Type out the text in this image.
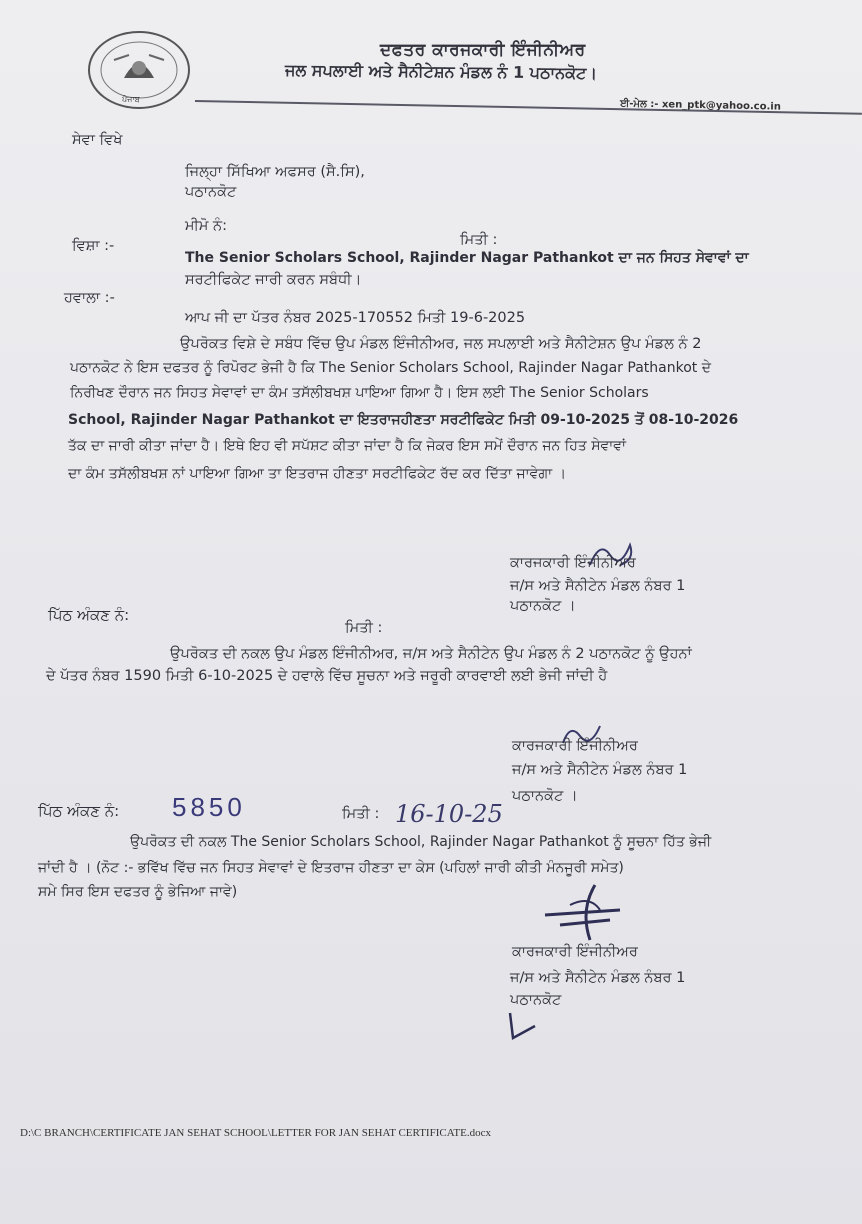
ਪੰਜਾਬ
ਦਫਤਰ ਕਾਰਜਕਾਰੀ ਇੰਜੀਨੀਅਰ
ਜਲ ਸਪਲਾਈ ਅਤੇ ਸੈਨੀਟੇਸ਼ਨ ਮੰਡਲ ਨੰ 1 ਪਠਾਨਕੋਟ।
ਈ-ਮੇਲ :- xen_ptk@yahoo.co.in
ਸੇਵਾ ਵਿਖੇ
ਜਿਲ੍ਹਾ ਸਿੱਖਿਆ ਅਫਸਰ (ਸੈ.ਸਿ),
ਪਠਾਨਕੋਟ
ਮੀਮੋ ਨੰ:
ਮਿਤੀ :
ਵਿਸ਼ਾ :-
The Senior Scholars School, Rajinder Nagar Pathankot ਦਾ ਜਨ ਸਿਹਤ ਸੇਵਾਵਾਂ ਦਾ
ਸਰਟੀਫਿਕੇਟ ਜਾਰੀ ਕਰਨ ਸਬੰਧੀ।
ਹਵਾਲਾ :-
ਆਪ ਜੀ ਦਾ ਪੱਤਰ ਨੰਬਰ 2025-170552 ਮਿਤੀ 19-6-2025
ਉਪਰੋਕਤ ਵਿਸ਼ੇ ਦੇ ਸਬੰਧ ਵਿੱਚ ਉਪ ਮੰਡਲ ਇੰਜੀਨੀਅਰ, ਜਲ ਸਪਲਾਈ ਅਤੇ ਸੈਨੀਟੇਸ਼ਨ ਉਪ ਮੰਡਲ ਨੰ 2
ਪਠਾਨਕੋਟ ਨੇ ਇਸ ਦਫਤਰ ਨੂੰ ਰਿਪੋਰਟ ਭੇਜੀ ਹੈ ਕਿ The Senior Scholars School, Rajinder Nagar Pathankot ਦੇ
ਨਿਰੀਖਣ ਦੌਰਾਨ ਜਨ ਸਿਹਤ ਸੇਵਾਵਾਂ ਦਾ ਕੰਮ ਤਸੱਲੀਬਖਸ਼ ਪਾਇਆ ਗਿਆ ਹੈ। ਇਸ ਲਈ The Senior Scholars
School, Rajinder Nagar Pathankot ਦਾ ਇਤਰਾਜਹੀਣਤਾ ਸਰਟੀਫਿਕੇਟ ਮਿਤੀ 09-10-2025 ਤੋਂ 08-10-2026
ਤੱਕ ਦਾ ਜਾਰੀ ਕੀਤਾ ਜਾਂਦਾ ਹੈ। ਇਥੇ ਇਹ ਵੀ ਸਪੱਸ਼ਟ ਕੀਤਾ ਜਾਂਦਾ ਹੈ ਕਿ ਜੇਕਰ ਇਸ ਸਮੇਂ ਦੌਰਾਨ ਜਨ ਹਿਤ ਸੇਵਾਵਾਂ
ਦਾ ਕੰਮ ਤਸੱਲੀਬਖਸ਼ ਨਾਂ ਪਾਇਆ ਗਿਆ ਤਾ ਇਤਰਾਜ ਹੀਣਤਾ ਸਰਟੀਫਿਕੇਟ ਰੱਦ ਕਰ ਦਿੱਤਾ ਜਾਵੇਗਾ ।
ਕਾਰਜਕਾਰੀ ਇੰਜੀਨੀਅਰ
ਜ/ਸ ਅਤੇ ਸੈਨੀਟੇਨ ਮੰਡਲ ਨੰਬਰ 1
ਪਠਾਨਕੋਟ ।
ਪਿੱਠ ਅੰਕਣ ਨੰ:
ਮਿਤੀ :
ਉਪਰੋਕਤ ਦੀ ਨਕਲ ਉਪ ਮੰਡਲ ਇੰਜੀਨੀਅਰ, ਜ/ਸ ਅਤੇ ਸੈਨੀਟੇਨ ਉਪ ਮੰਡਲ ਨੰ 2 ਪਠਾਨਕੋਟ ਨੂੰ ਉਹਨਾਂ
ਦੇ ਪੱਤਰ ਨੰਬਰ 1590 ਮਿਤੀ 6-10-2025 ਦੇ ਹਵਾਲੇ ਵਿੱਚ ਸੂਚਨਾ ਅਤੇ ਜਰੂਰੀ ਕਾਰਵਾਈ ਲਈ ਭੇਜੀ ਜਾਂਦੀ ਹੈ
ਕਾਰਜਕਾਰੀ ਇੰਜੀਨੀਅਰ
ਜ/ਸ ਅਤੇ ਸੈਨੀਟੇਨ ਮੰਡਲ ਨੰਬਰ 1
ਪਠਾਨਕੋਟ ।
ਪਿੱਠ ਅੰਕਣ ਨੰ: 5850	ਮਿਤੀ : 16-10-25
ਉਪਰੋਕਤ ਦੀ ਨਕਲ The Senior Scholars School, Rajinder Nagar Pathankot ਨੂੰ ਸੂਚਨਾ ਹਿੱਤ ਭੇਜੀ
ਜਾਂਦੀ ਹੈ । (ਨੋਟ :- ਭਵਿੱਖ ਵਿੱਚ ਜਨ ਸਿਹਤ ਸੇਵਾਵਾਂ ਦੇ ਇਤਰਾਜ ਹੀਣਤਾ ਦਾ ਕੇਸ (ਪਹਿਲਾਂ ਜਾਰੀ ਕੀਤੀ ਮੰਨਜੂਰੀ ਸਮੇਤ)
ਸਮੇ ਸਿਰ ਇਸ ਦਫਤਰ ਨੂੰ ਭੇਜਿਆ ਜਾਵੇ)
ਕਾਰਜਕਾਰੀ ਇੰਜੀਨੀਅਰ
ਜ/ਸ ਅਤੇ ਸੈਨੀਟੇਨ ਮੰਡਲ ਨੰਬਰ 1
ਪਠਾਨਕੋਟ
D:\C BRANCH\CERTIFICATE JAN SEHAT SCHOOL\LETTER FOR JAN SEHAT CERTIFICATE.docx
